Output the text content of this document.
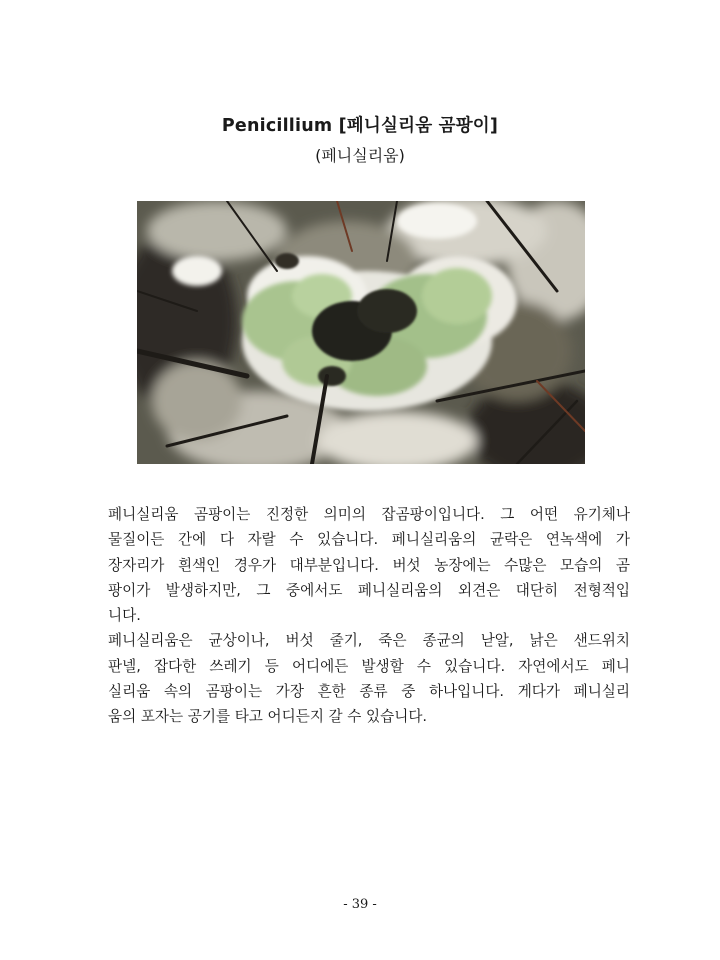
Penicillium [페니실리움 곰팡이]
(페니실리움)
페니실리움 곰팡이는 진정한 의미의 잡곰팡이입니다. 그 어떤 유기체나
물질이든 간에 다 자랄 수 있습니다. 페니실리움의 균락은 연녹색에 가
장자리가 흰색인 경우가 대부분입니다. 버섯 농장에는 수많은 모습의 곰
팡이가 발생하지만, 그 중에서도 페니실리움의 외견은 대단히 전형적입
니다.
페니실리움은 균상이나, 버섯 줄기, 죽은 종균의 낟알, 낡은 샌드위치
판넬, 잡다한 쓰레기 등 어디에든 발생할 수 있습니다. 자연에서도 페니
실리움 속의 곰팡이는 가장 흔한 종류 중 하나입니다. 게다가 페니실리
움의 포자는 공기를 타고 어디든지 갈 수 있습니다.
- 39 -
